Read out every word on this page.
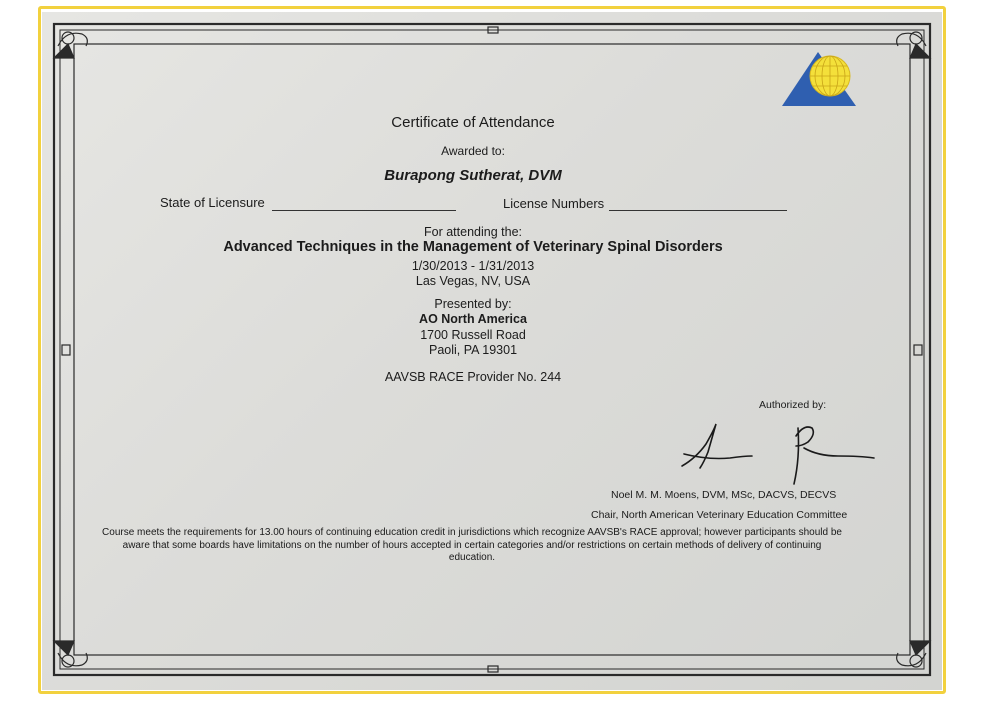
Certificate of Attendance
Awarded to:
Burapong Sutherat, DVM
State of Licensure	License Numbers
For attending the:
Advanced Techniques in the Management of Veterinary Spinal Disorders
1/30/2013 - 1/31/2013
Las Vegas, NV, USA
Presented by:
AO North America
1700 Russell Road
Paoli, PA 19301
AAVSB RACE Provider No. 244
Authorized by:
Noel M. M. Moens, DVM, MSc, DACVS, DECVS
Chair, North American Veterinary Education Committee
Course meets the requirements for 13.00 hours of continuing education credit in jurisdictions which recognize AAVSB's RACE approval; however participants should be aware that some boards have limitations on the number of hours accepted in certain categories and/or restrictions on certain methods of delivery of continuing education.
